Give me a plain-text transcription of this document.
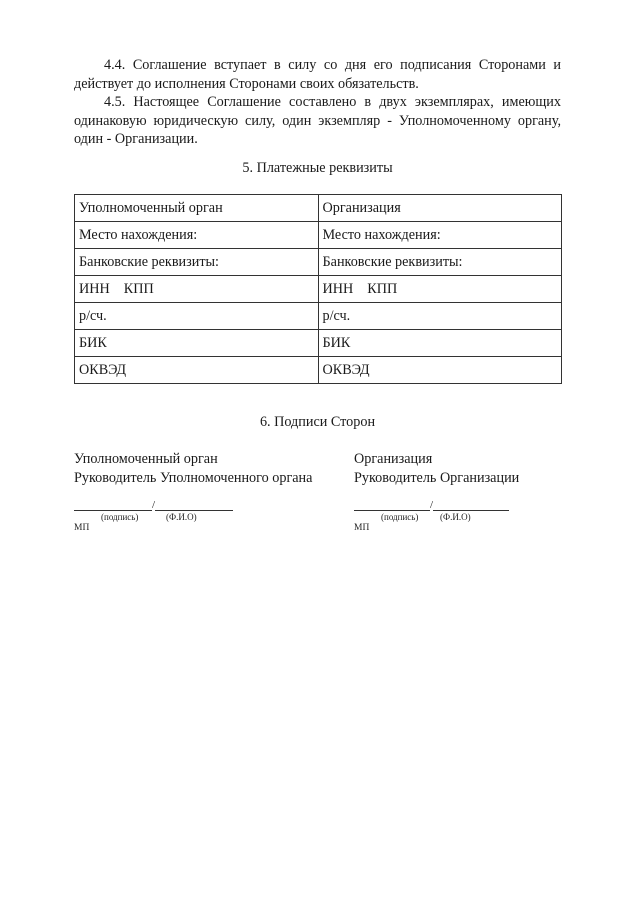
4.4. Соглашение вступает в силу со дня его подписания Сторонами и действует до исполнения Сторонами своих обязательств.

4.5. Настоящее Соглашение составлено в двух экземплярах, имеющих одинаковую юридическую силу, один экземпляр - Уполномоченному органу, один - Организации.

5. Платежные реквизиты

Уполномоченный орган	Организация
Место нахождения:	Место нахождения:
Банковские реквизиты:	Банковские реквизиты:
ИНН КПП	ИНН КПП
р/сч.	р/сч.
БИК	БИК
ОКВЭД	ОКВЭД

6. Подписи Сторон

Уполномоченный орган
Руководитель Уполномоченного органа
/
(подпись)	(Ф.И.О)
МП
Организация
Руководитель Организации
/
(подпись) (Ф.И.О)
МП
